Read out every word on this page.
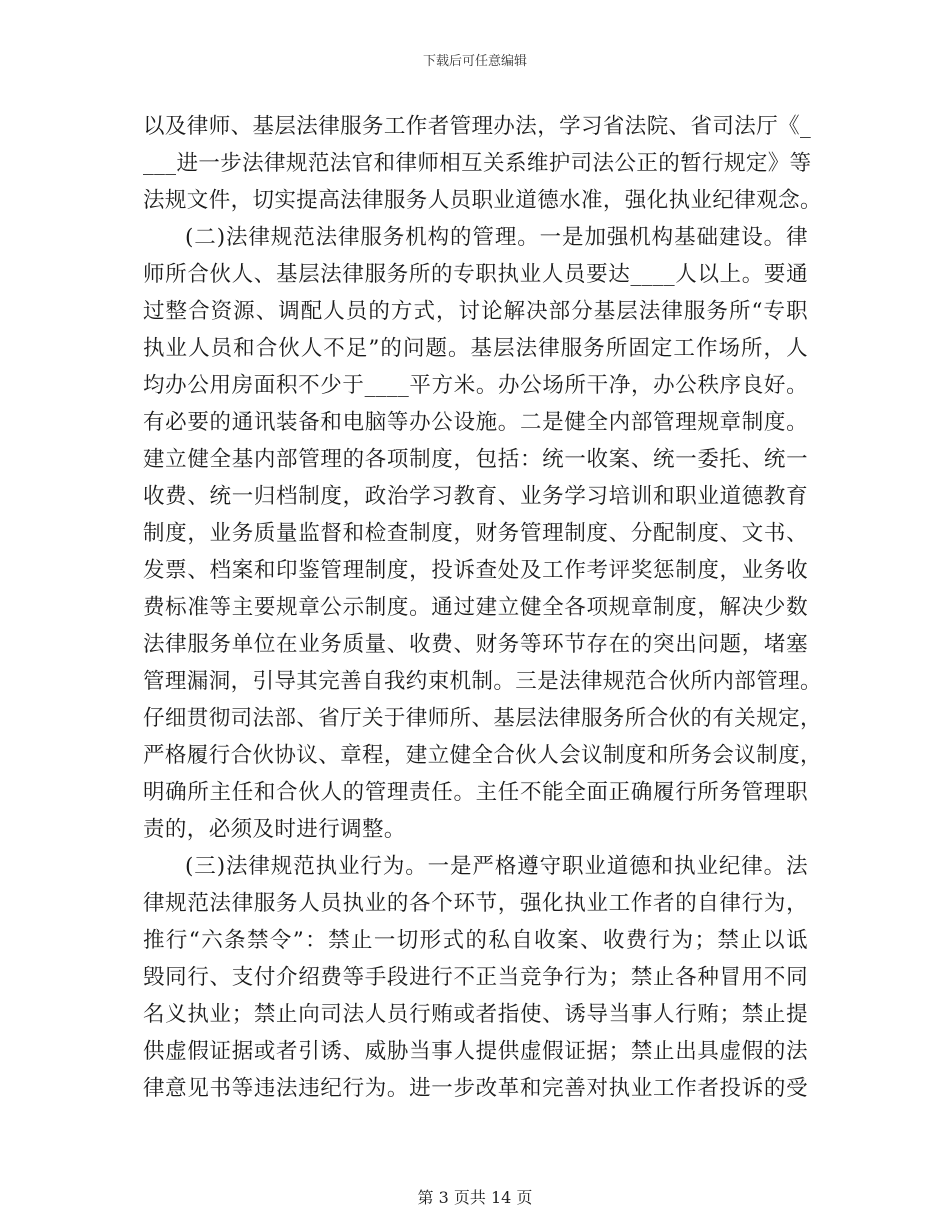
下载后可任意编辑
以及律师、基层法律服务工作者管理办法，学习省法院、省司法厅《_
___进一步法律规范法官和律师相互关系维护司法公正的暂行规定》等
法规文件，切实提高法律服务人员职业道德水准，强化执业纪律观念。
(二)法律规范法律服务机构的管理。一是加强机构基础建设。律
师所合伙人、基层法律服务所的专职执业人员要达____人以上。要通
过整合资源、调配人员的方式，讨论解决部分基层法律服务所“专职
执业人员和合伙人不足”的问题。基层法律服务所固定工作场所，人
均办公用房面积不少于____平方米。办公场所干净，办公秩序良好。
有必要的通讯装备和电脑等办公设施。二是健全内部管理规章制度。
建立健全基内部管理的各项制度，包括：统一收案、统一委托、统一
收费、统一归档制度，政治学习教育、业务学习培训和职业道德教育
制度，业务质量监督和检查制度，财务管理制度、分配制度、文书、
发票、档案和印鉴管理制度，投诉查处及工作考评奖惩制度，业务收
费标准等主要规章公示制度。通过建立健全各项规章制度，解决少数
法律服务单位在业务质量、收费、财务等环节存在的突出问题，堵塞
管理漏洞，引导其完善自我约束机制。三是法律规范合伙所内部管理。
仔细贯彻司法部、省厅关于律师所、基层法律服务所合伙的有关规定，
严格履行合伙协议、章程，建立健全合伙人会议制度和所务会议制度，
明确所主任和合伙人的管理责任。主任不能全面正确履行所务管理职
责的，必须及时进行调整。
(三)法律规范执业行为。一是严格遵守职业道德和执业纪律。法
律规范法律服务人员执业的各个环节，强化执业工作者的自律行为，
推行“六条禁令”：禁止一切形式的私自收案、收费行为；禁止以诋
毁同行、支付介绍费等手段进行不正当竞争行为；禁止各种冒用不同
名义执业；禁止向司法人员行贿或者指使、诱导当事人行贿；禁止提
供虚假证据或者引诱、威胁当事人提供虚假证据；禁止出具虚假的法
律意见书等违法违纪行为。进一步改革和完善对执业工作者投诉的受
第 3 页共 14 页
